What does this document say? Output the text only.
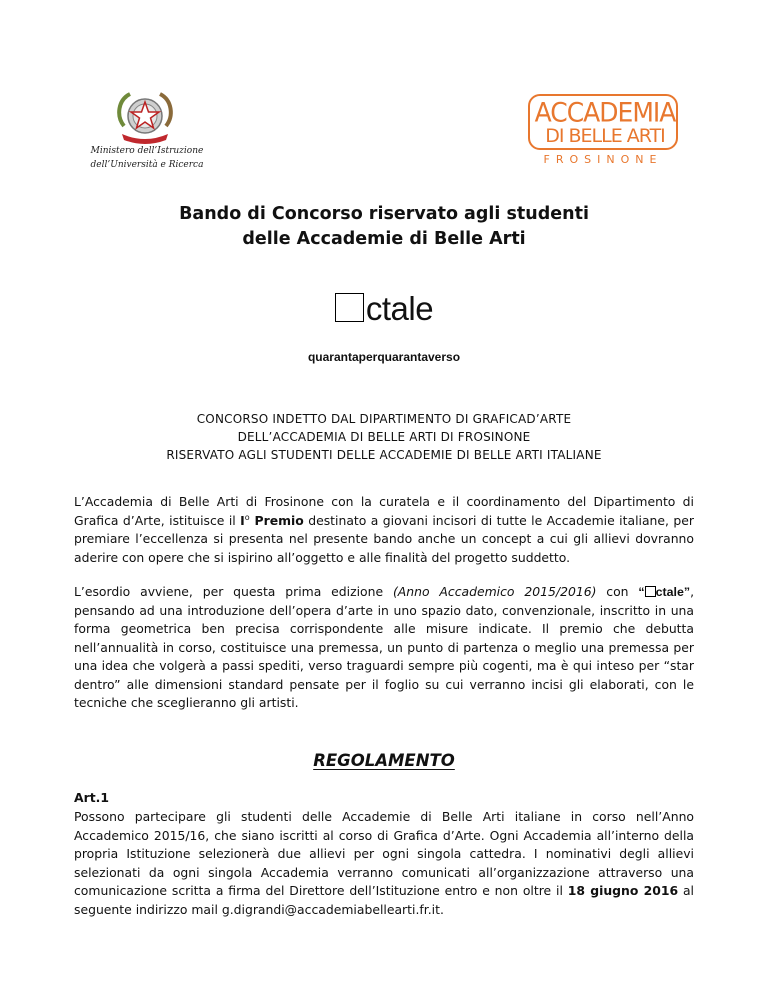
Ministero dell’Istruzione
dell’Università e Ricerca
ACCADEMIA
DI BELLE ARTI
FROSINONE
Bando di Concorso riservato agli studenti
delle Accademie di Belle Arti
ctale
quarantaperquarantaverso
CONCORSO INDETTO DAL DIPARTIMENTO DI GRAFICAD’ARTE
DELL’ACCADEMIA DI BELLE ARTI DI FROSINONE
RISERVATO AGLI STUDENTI DELLE ACCADEMIE DI BELLE ARTI ITALIANE

L’Accademia di Belle Arti di Frosinone con la curatela e il coordinamento del Dipartimento di Grafica d’Arte, istituisce il $I^o$ Premio destinato a giovani incisori di tutte le Accademie italiane, per premiare l’eccellenza si presenta nel presente bando anche un concept a cui gli allievi dovranno aderire con opere che si ispirino all’oggetto e alle finalità del progetto suddetto.

L’esordio avviene, per questa prima edizione (Anno Accademico 2015/2016) con “ ctale”, pensando ad una introduzione dell’opera d’arte in uno spazio dato, convenzionale, inscritto in una forma geometrica ben precisa corrispondente alle misure indicate. Il premio che debutta nell’annualità in corso, costituisce una premessa, un punto di partenza o meglio una premessa per una idea che volgerà a passi spediti, verso traguardi sempre più cogenti, ma è qui inteso per “star dentro” alle dimensioni standard pensate per il foglio su cui verranno incisi gli elaborati, con le tecniche che sceglieranno gli artisti.

REGOLAMENTO
Art.1

Possono partecipare gli studenti delle Accademie di Belle Arti italiane in corso nell’Anno Accademico 2015/16, che siano iscritti al corso di Grafica d’Arte. Ogni Accademia all’interno della propria Istituzione selezionerà due allievi per ogni singola cattedra. I nominativi degli allievi selezionati da ogni singola Accademia verranno comunicati all’organizzazione attraverso una comunicazione scritta a firma del Direttore dell’Istituzione entro e non oltre il 18 giugno 2016 al seguente indirizzo mail g.digrandi@accademiabellearti.fr.it.
